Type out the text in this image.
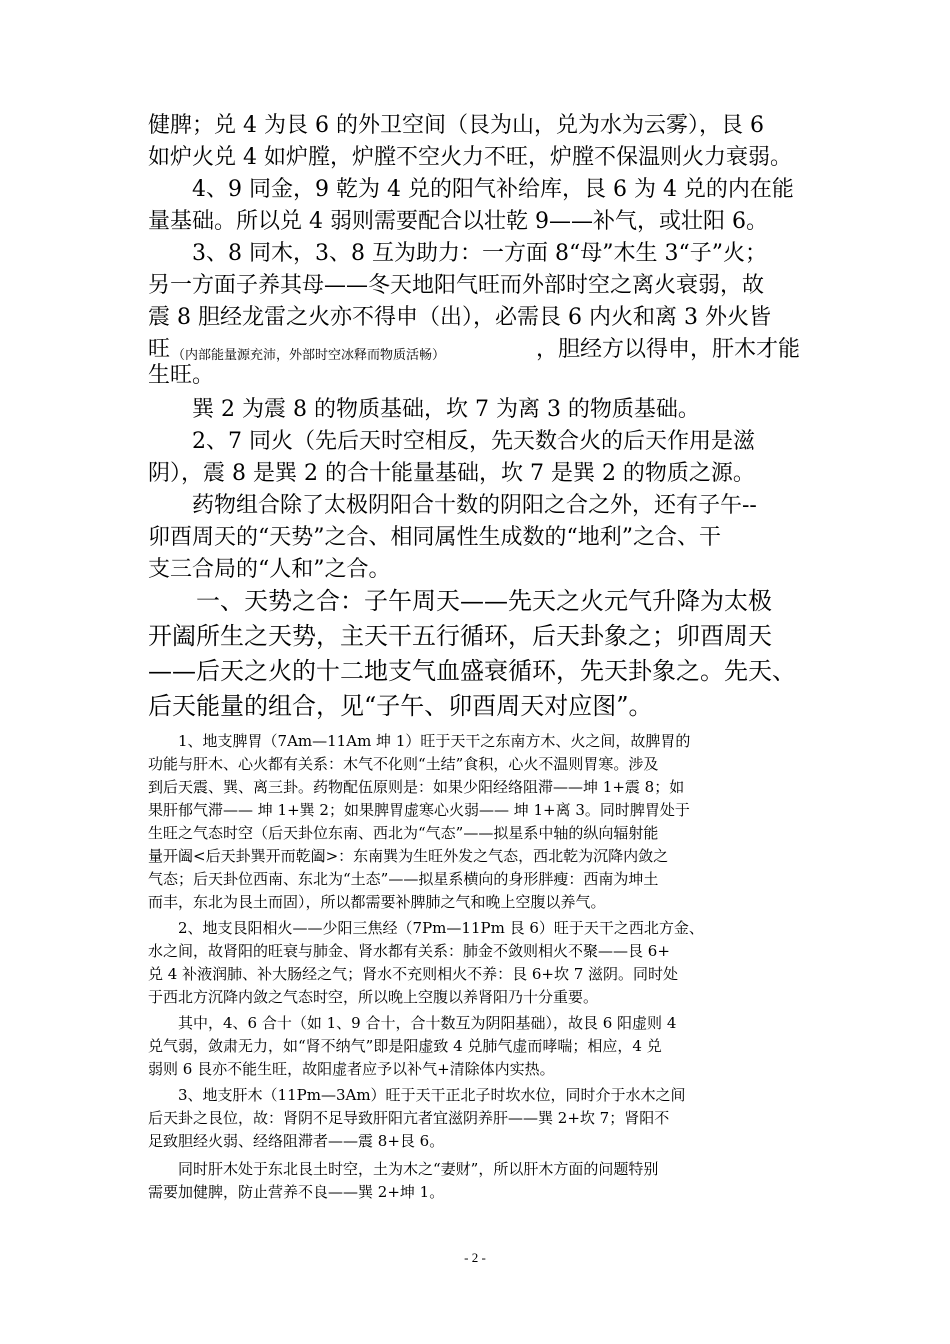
健脾；兑 4 为艮 6 的外卫空间（艮为山，兑为水为云雾），艮 6

如炉火兑 4 如炉膛，炉膛不空火力不旺，炉膛不保温则火力衰弱。

4、9 同金，9 乾为 4 兑的阳气补给库，艮 6 为 4 兑的内在能

量基础。所以兑 4 弱则需要配合以壮乾 9——补气，或壮阳 6。

3、8 同木，3、8 互为助力：一方面 8“母”木生 3“子”火；

另一方面子养其母——冬天地阳气旺而外部时空之离火衰弱，故

震 8 胆经龙雷之火亦不得申（出），必需艮 6 内火和离 3 外火皆

旺 （内部能量源充沛，外部时空冰释而物质活畅）	，胆经方以得申，肝木才能

生旺。

巽 2 为震 8 的物质基础，坎 7 为离 3 的物质基础。

2、7 同火（先后天时空相反，先天数合火的后天作用是滋

阴），震 8 是巽 2 的合十能量基础，坎 7 是巽 2 的物质之源。

药物组合除了太极阴阳合十数的阴阳之合之外，还有子午--

卯酉周天的“天势”之合、相同属性生成数的“地利”之合、干

支三合局的“人和”之合。

一、天势之合：子午周天——先天之火元气升降为太极

开阖所生之天势，主天干五行循环，后天卦象之；卯酉周天

——后天之火的十二地支气血盛衰循环，先天卦象之。先天、

后天能量的组合，见“子午、卯酉周天对应图”。

1、地支脾胃（7Am—11Am 坤 1）旺于天干之东南方木、火之间，故脾胃的

功能与肝木、心火都有关系：木气不化则“土结”食积，心火不温则胃寒。涉及

到后天震、巽、离三卦。药物配伍原则是：如果少阳经络阻滞——坤 1+震 8；如

果肝郁气滞—— 坤 1+巽 2；如果脾胃虚寒心火弱—— 坤 1+离 3。同时脾胃处于

生旺之气态时空（后天卦位东南、西北为“气态”——拟星系中轴的纵向辐射能

量开阖<后天卦巽开而乾阖>：东南巽为生旺外发之气态，西北乾为沉降内敛之

气态；后天卦位西南、东北为“土态”——拟星系横向的身形胖瘦：西南为坤土

而丰，东北为艮土而固），所以都需要补脾肺之气和晚上空腹以养气。

2、地支艮阳相火——少阳三焦经（7Pm—11Pm 艮 6）旺于天干之西北方金、

水之间，故肾阳的旺衰与肺金、肾水都有关系：肺金不敛则相火不聚——艮 6+

兑 4 补液润肺、补大肠经之气；肾水不充则相火不养：艮 6+坎 7 滋阴。同时处

于西北方沉降内敛之气态时空，所以晚上空腹以养肾阳乃十分重要。

其中，4、6 合十（如 1、9 合十，合十数互为阴阳基础），故艮 6 阳虚则 4

兑气弱，敛肃无力，如“肾不纳气”即是阳虚致 4 兑肺气虚而哮喘；相应，4 兑

弱则 6 艮亦不能生旺，故阳虚者应予以补气+清除体内实热。

3、地支肝木（11Pm—3Am）旺于天干正北子时坎水位，同时介于水木之间

后天卦之艮位，故：肾阴不足导致肝阳亢者宜滋阴养肝——巽 2+坎 7；肾阳不

足致胆经火弱、经络阻滞者——震 8+艮 6。

同时肝木处于东北艮土时空，土为木之“妻财”，所以肝木方面的问题特别

需要加健脾，防止营养不良——巽 2+坤 1。

- 2 -
